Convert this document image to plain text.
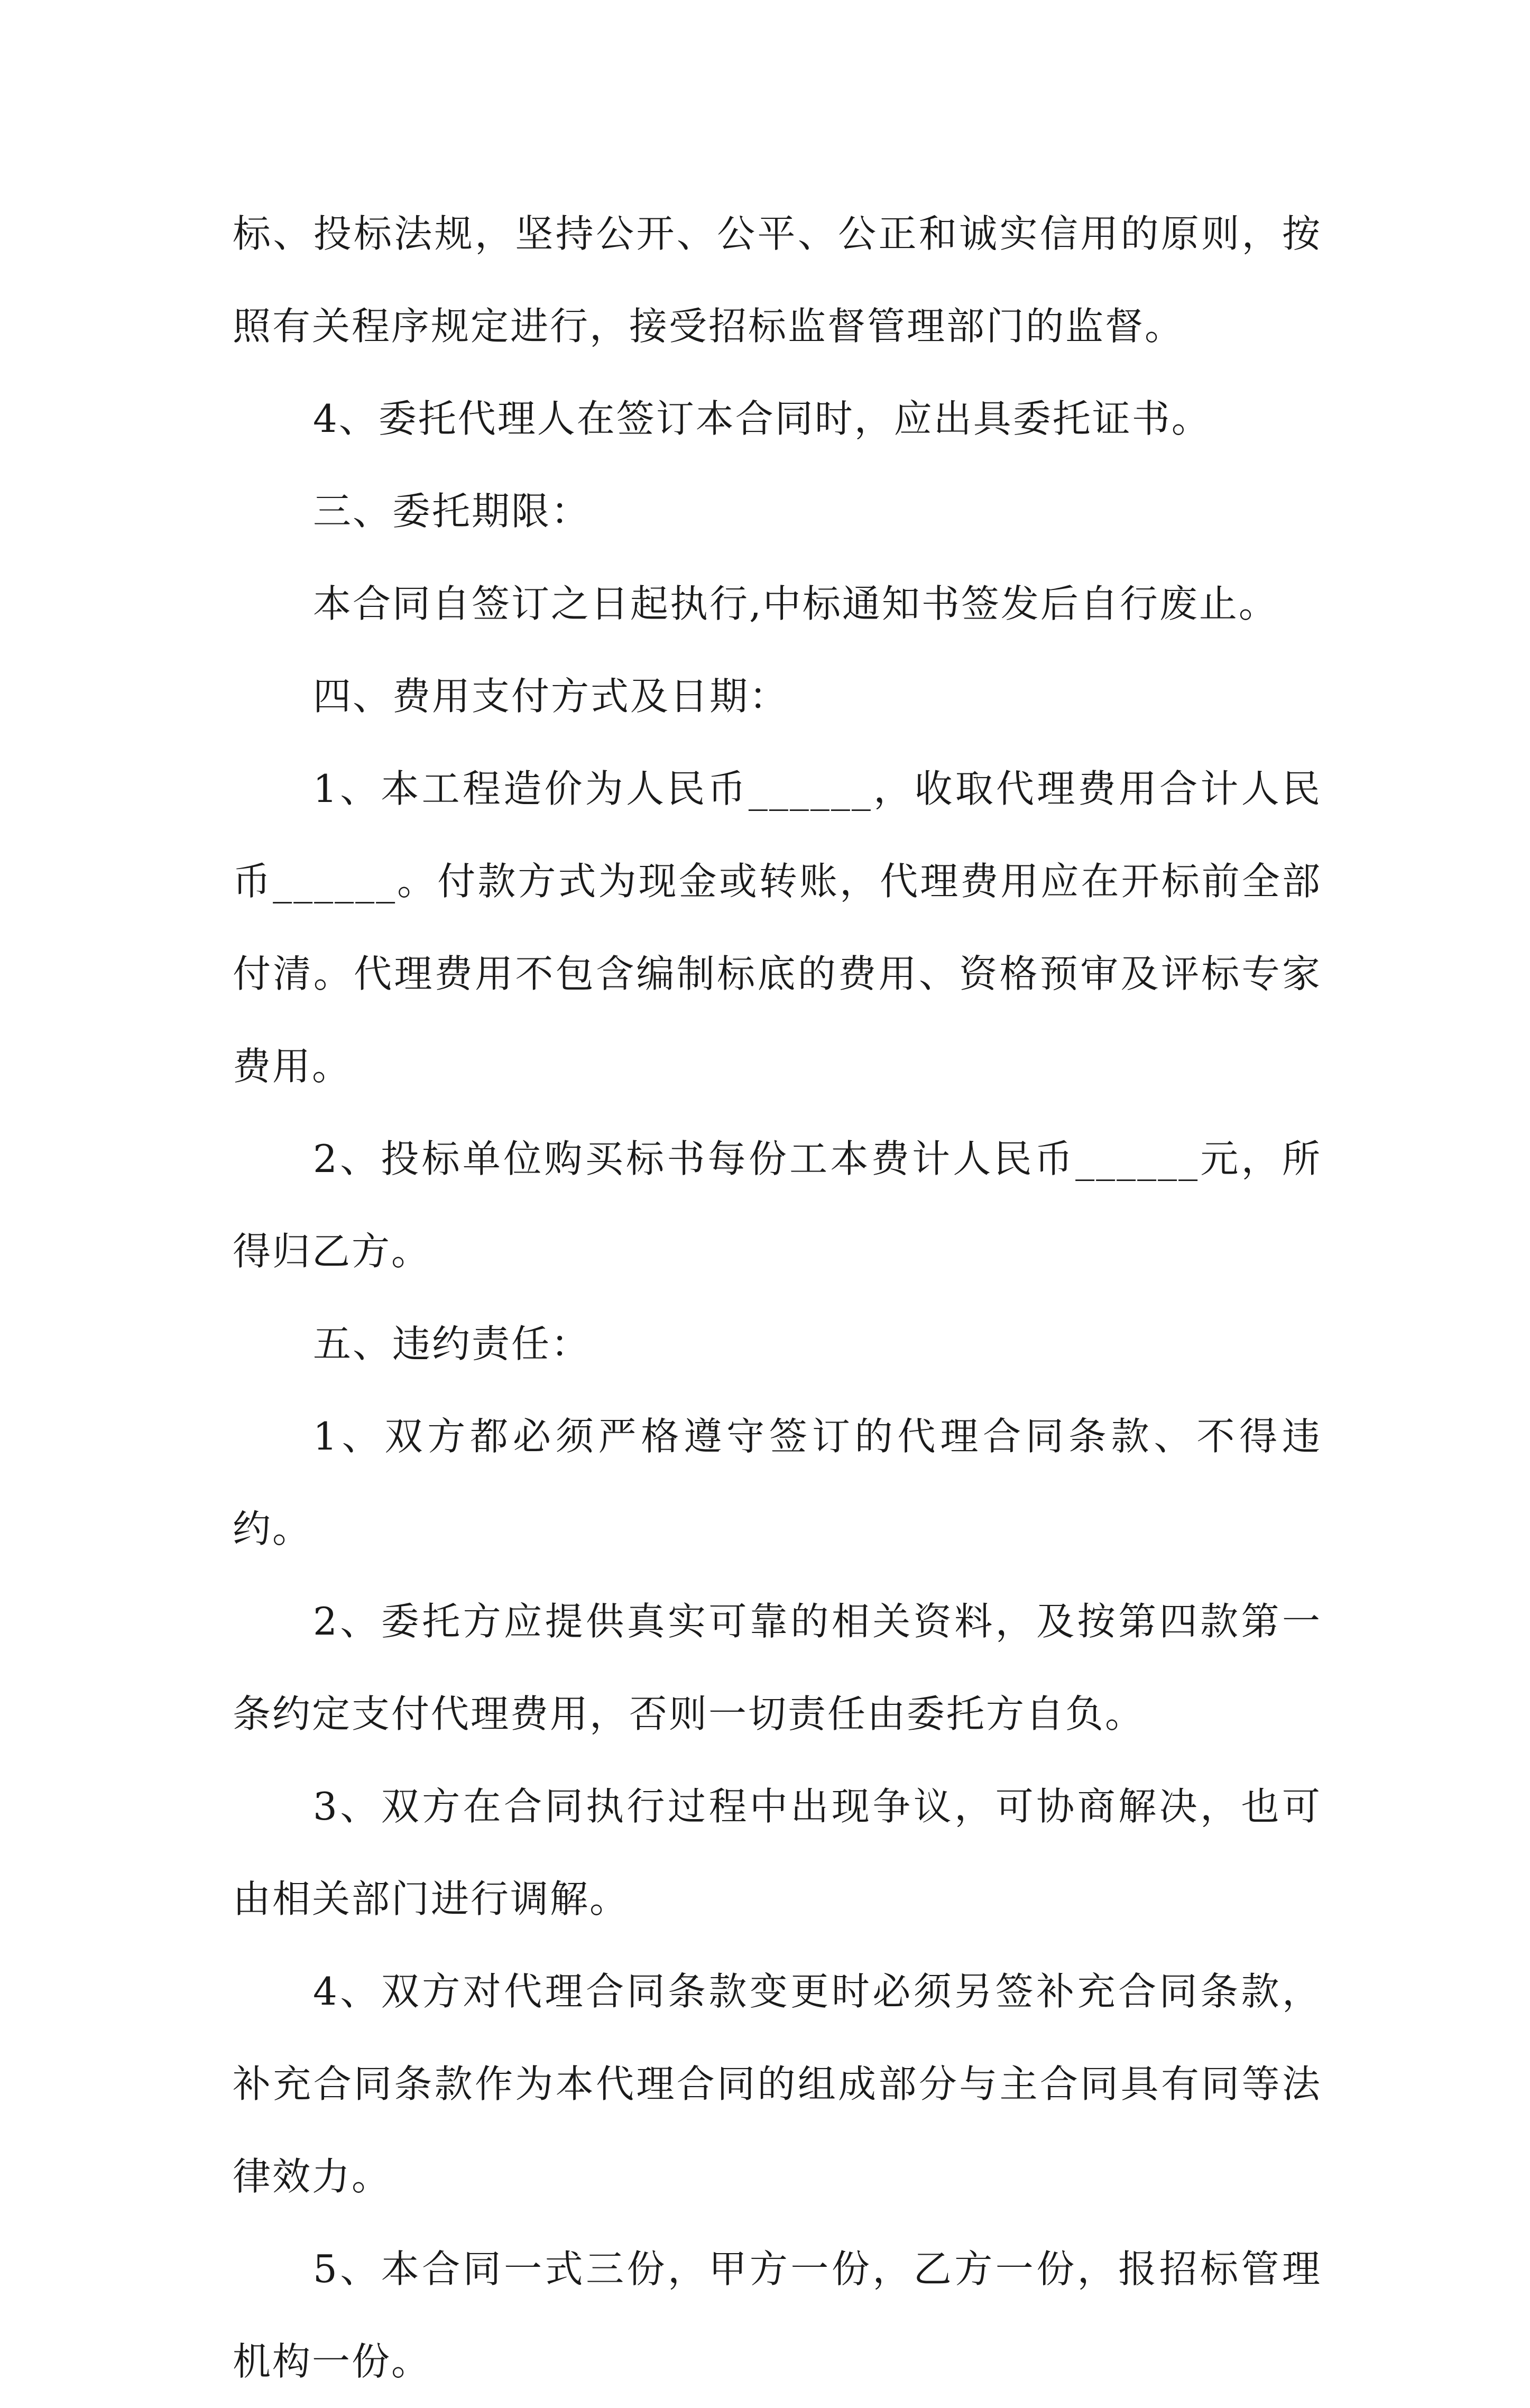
标、投标法规，坚持公开、公平、公正和诚实信用的原则，按照有关程序规定进行，接受招标监督管理部门的监督。

4、委托代理人在签订本合同时，应出具委托证书。

三、委托期限：

本合同自签订之日起执行,中标通知书签发后自行废止。

四、费用支付方式及日期：

1、本工程造价为人民币______，收取代理费用合计人民币______。付款方式为现金或转账，代理费用应在开标前全部付清。代理费用不包含编制标底的费用、资格预审及评标专家费用。

2、投标单位购买标书每份工本费计人民币______元，所得归乙方。

五、违约责任：

1、双方都必须严格遵守签订的代理合同条款、不得违约。

2、委托方应提供真实可靠的相关资料，及按第四款第一条约定支付代理费用，否则一切责任由委托方自负。

3、双方在合同执行过程中出现争议，可协商解决，也可由相关部门进行调解。

4、双方对代理合同条款变更时必须另签补充合同条款，补充合同条款作为本代理合同的组成部分与主合同具有同等法律效力。

5、本合同一式三份，甲方一份，乙方一份，报招标管理机构一份。
